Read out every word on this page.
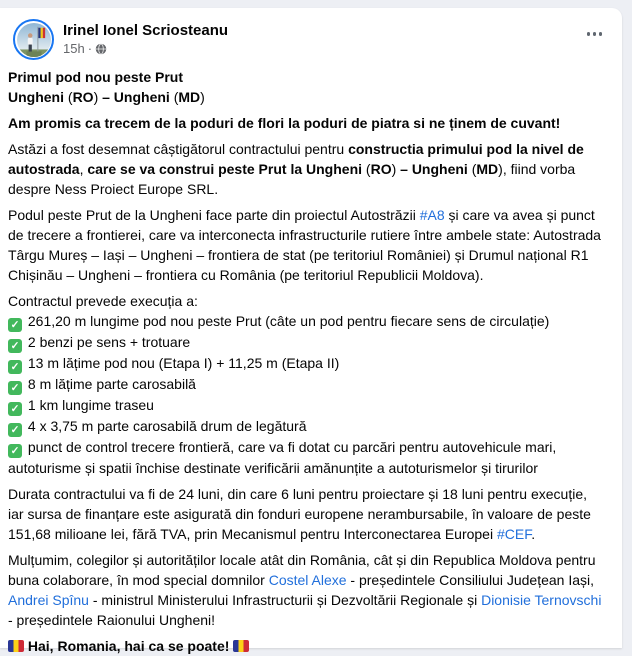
Irinel Ionel Scriosteanu
15h ·

Primul pod nou peste Prut
Ungheni (RO) – Ungheni (MD)

Am promis ca trecem de la poduri de flori la poduri de piatra si ne ținem de cuvant!

Astăzi a fost desemnat câștigătorul contractului pentru constructia primului pod la nivel de autostrada, care se va construi peste Prut la Ungheni (RO) – Ungheni (MD), fiind vorba despre Ness Proiect Europe SRL.

Podul peste Prut de la Ungheni face parte din proiectul Autostrăzii #A8 și care va avea și punct de trecere a frontierei, care va interconecta infrastructurile rutiere între ambele state: Autostrada Târgu Mureș – Iași – Ungheni – frontiera de stat (pe teritoriul României) și Drumul național R1 Chișinău – Ungheni – frontiera cu România (pe teritoriul Republicii Moldova).

Contractul prevede execuția a:
✓ 261,20 m lungime pod nou peste Prut (câte un pod pentru fiecare sens de circulație)
✓ 2 benzi pe sens + trotuare
✓ 13 m lățime pod nou (Etapa I) + 11,25 m (Etapa II)
✓ 8 m lățime parte carosabilă
✓ 1 km lungime traseu
✓ 4 x 3,75 m parte carosabilă drum de legătură
✓ punct de control trecere frontieră, care va fi dotat cu parcări pentru autovehicule mari, autoturisme și spatii închise destinate verificării amănunțite a autoturismelor și tirurilor

Durata contractului va fi de 24 luni, din care 6 luni pentru proiectare și 18 luni pentru execuție, iar sursa de finanțare este asigurată din fonduri europene nerambursabile, în valoare de peste 151,68 milioane lei, fără TVA, prin Mecanismul pentru Interconectarea Europei #CEF.

Mulțumim, colegilor și autorităților locale atât din România, cât și din Republica Moldova pentru buna colaborare, în mod special domnilor Costel Alexe - președintele Consiliului Județean Iași, Andrei Spînu - ministrul Ministerului Infrastructurii și Dezvoltării Regionale și Dionisie Ternovschi - președintele Raionului Ungheni!

Hai, Romania, hai ca se poate!
